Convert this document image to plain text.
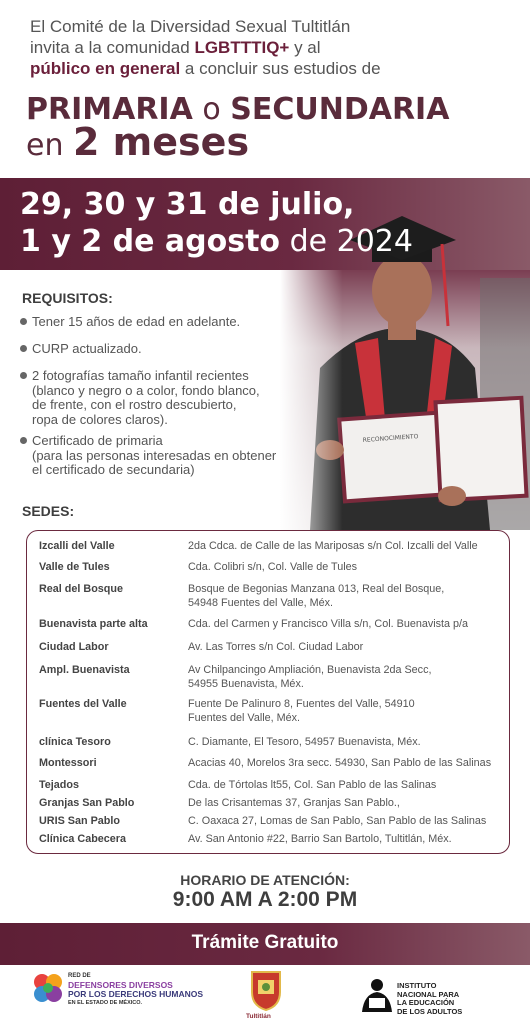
El Comité de la Diversidad Sexual Tultitlán
invita a la comunidad LGBTTTIQ+ y al
público en general a concluir sus estudios de
PRIMARIA o SECUNDARIA
en 2 meses
29, 30 y 31 de julio,
1 y 2 de agosto de 2024
REQUISITOS:
Tener 15 años de edad en adelante.
CURP actualizado.
2 fotografías tamaño infantil recientes
(blanco y negro o a color, fondo blanco,
de frente, con el rostro descubierto,
ropa de colores claros).
Certificado de primaria
(para las personas interesadas en obtener
el certificado de secundaria)
SEDES:
Izcalli del Valle	2da Cdca. de Calle de las Mariposas s/n Col. Izcalli del Valle
Valle de Tules	Cda. Colibri s/n, Col. Valle de Tules
Real del Bosque	Bosque de Begonias Manzana 013, Real del Bosque,
54948 Fuentes del Valle, Méx.
Buenavista parte alta	Cda. del Carmen y Francisco Villa s/n, Col. Buenavista p/a
Ciudad Labor	Av. Las Torres s/n Col. Ciudad Labor
Ampl. Buenavista	Av Chilpancingo Ampliación, Buenavista 2da Secc,
54955 Buenavista, Méx.
Fuentes del Valle	Fuente De Palinuro 8, Fuentes del Valle, 54910
Fuentes del Valle, Méx.
clínica Tesoro	C. Diamante, El Tesoro, 54957 Buenavista, Méx.
Montessori	Acacias 40, Morelos 3ra secc. 54930, San Pablo de las Salinas
Tejados	Cda. de Tórtolas lt55, Col. San Pablo de las Salinas
Granjas San Pablo	De las Crisantemas 37, Granjas San Pablo.,
URIS San Pablo	C. Oaxaca 27, Lomas de San Pablo, San Pablo de las Salinas
Clínica Cabecera	Av. San Antonio #22, Barrio San Bartolo, Tultitlán, Méx.
HORARIO DE ATENCIÓN:
9:00 AM A 2:00 PM
Trámite Gratuito
RED DE
DEFENSORES DIVERSOS
POR LOS DERECHOS HUMANOS
EN EL ESTADO DE MÉXICO.
Tultitlán
INSTITUTO
NACIONAL PARA
LA EDUCACIÓN
DE LOS ADULTOS
